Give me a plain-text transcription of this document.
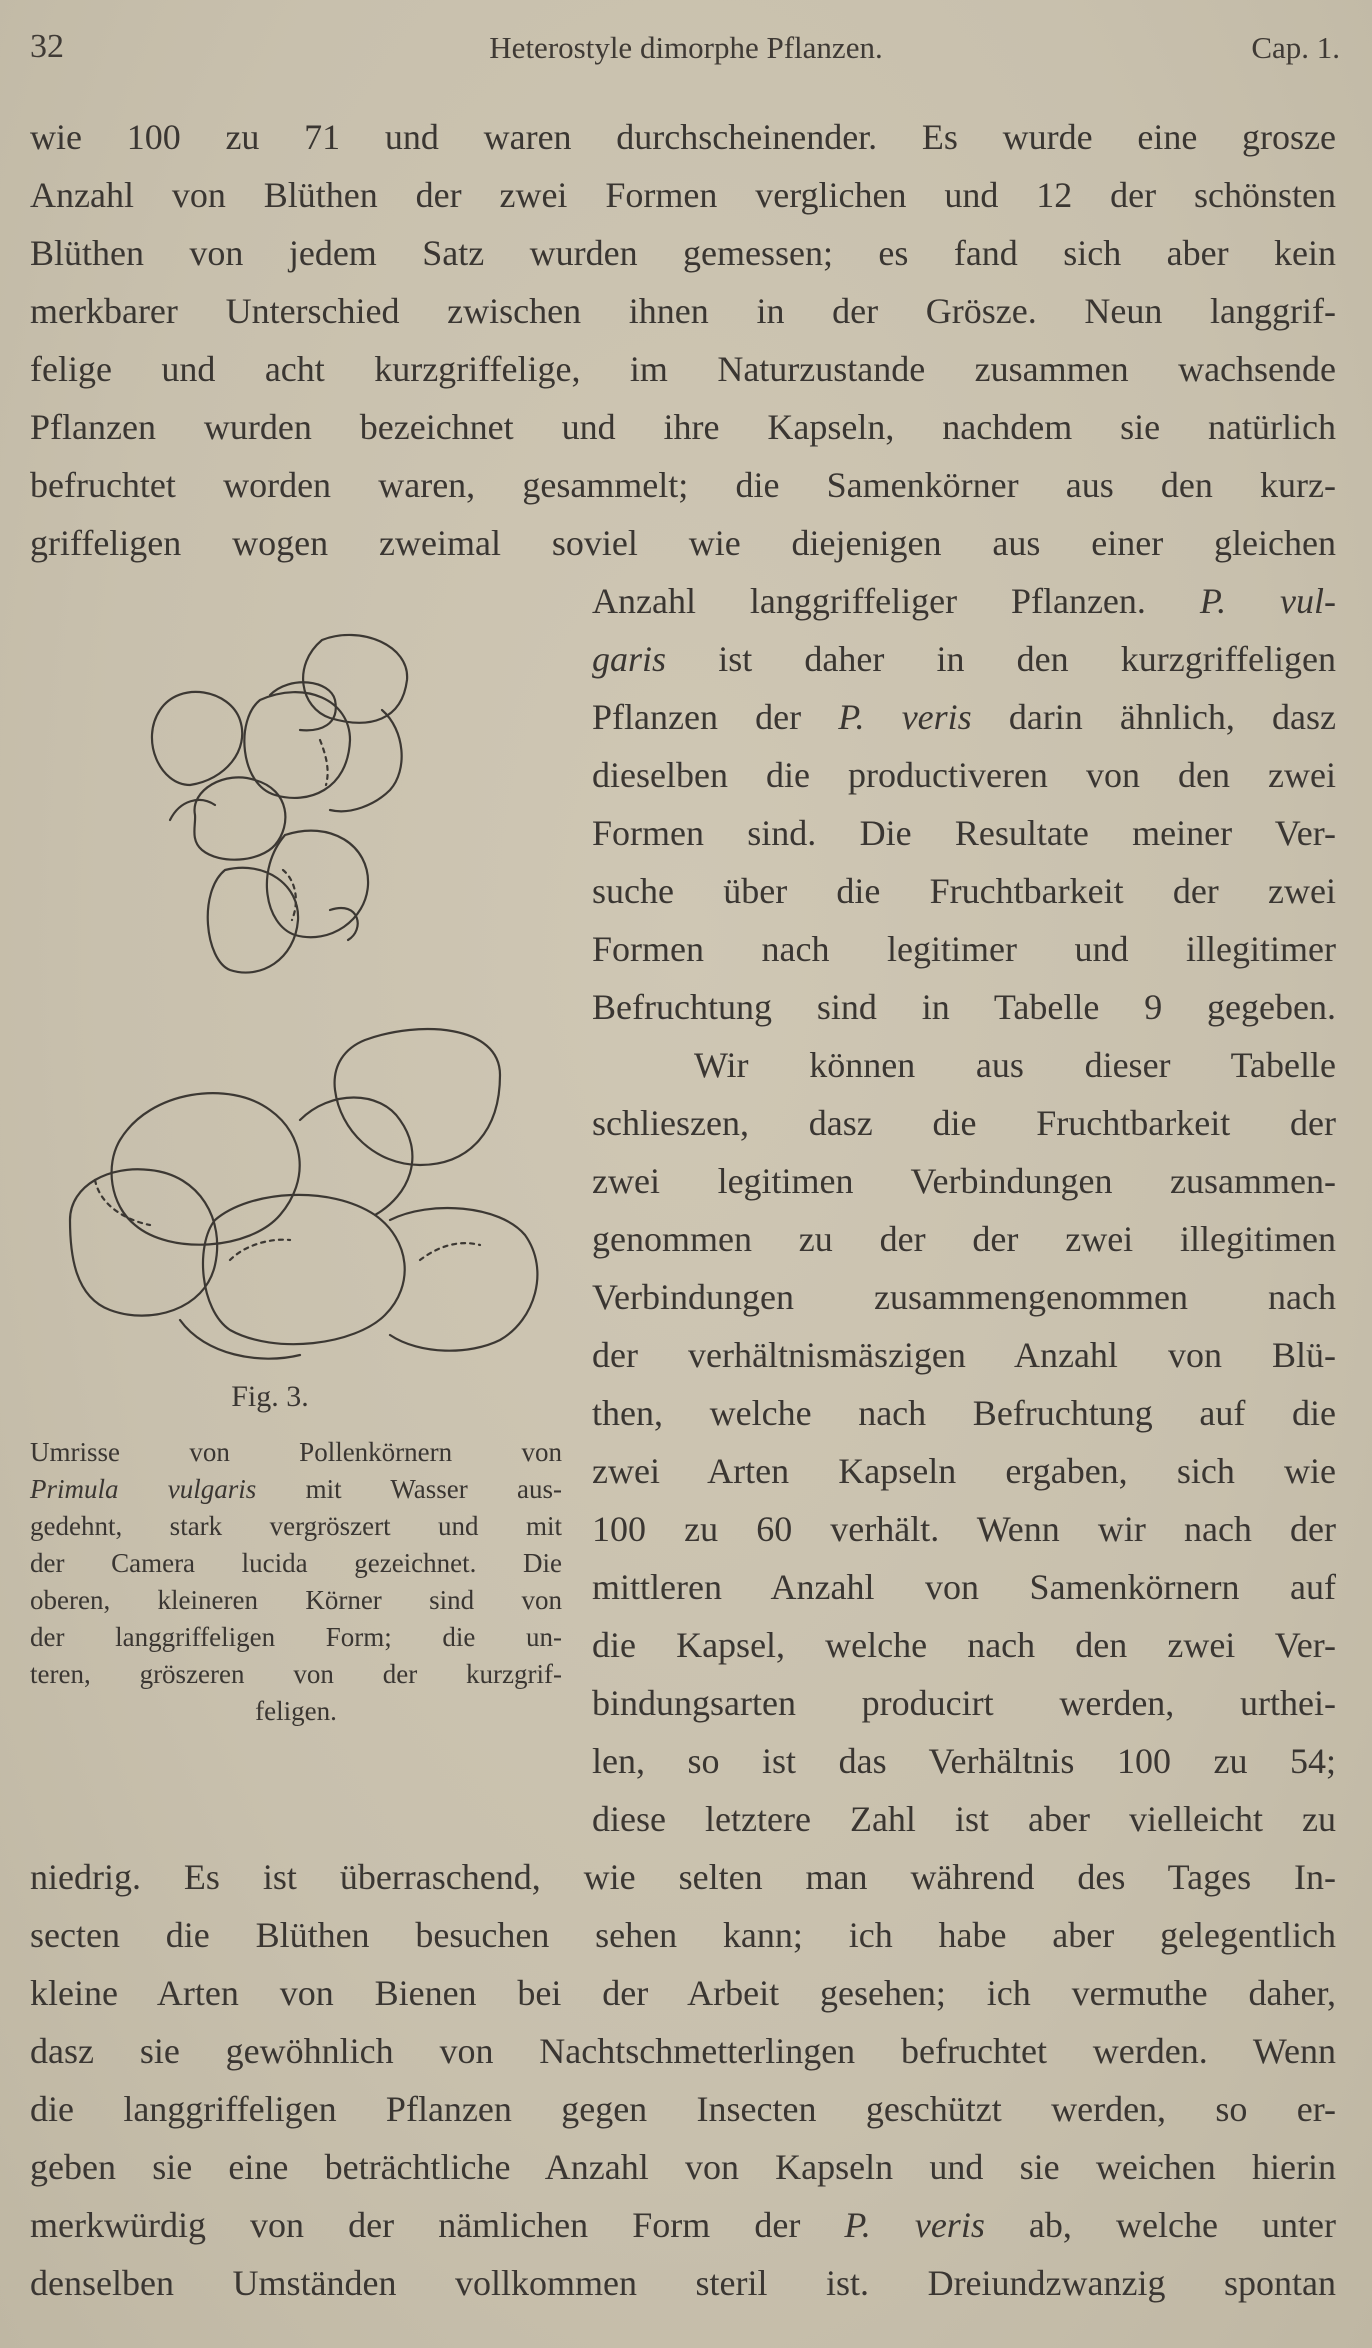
32	Heterostyle dimorphe Pflanzen.	Cap. 1.
wie 100 zu 71 und waren durchscheinender. Es wurde eine grosze
Anzahl von Blüthen der zwei Formen verglichen und 12 der schönsten
Blüthen von jedem Satz wurden gemessen; es fand sich aber kein
merkbarer Unterschied zwischen ihnen in der Grösze. Neun langgrif-
felige und acht kurzgriffelige, im Naturzustande zusammen wachsende
Pflanzen wurden bezeichnet und ihre Kapseln, nachdem sie natürlich
befruchtet worden waren, gesammelt; die Samenkörner aus den kurz-
griffeligen wogen zweimal soviel wie diejenigen aus einer gleichen
Anzahl langgriffeliger Pflanzen. P. vul-
garis ist daher in den kurzgriffeligen
Pflanzen der P. veris darin ähnlich, dasz
dieselben die productiveren von den zwei
Formen sind. Die Resultate meiner Ver-
suche über die Fruchtbarkeit der zwei
Formen nach legitimer und illegitimer
Befruchtung sind in Tabelle 9 gegeben.
Wir können aus dieser Tabelle
schlieszen, dasz die Fruchtbarkeit der
zwei legitimen Verbindungen zusammen-
genommen zu der der zwei illegitimen
Verbindungen zusammengenommen nach
der verhältnismäszigen Anzahl von Blü-
then, welche nach Befruchtung auf die
zwei Arten Kapseln ergaben, sich wie
100 zu 60 verhält. Wenn wir nach der
mittleren Anzahl von Samenkörnern auf
die Kapsel, welche nach den zwei Ver-
bindungsarten producirt werden, urthei-
len, so ist das Verhältnis 100 zu 54;
diese letztere Zahl ist aber vielleicht zu
niedrig. Es ist überraschend, wie selten man während des Tages In-
secten die Blüthen besuchen sehen kann; ich habe aber gelegentlich
kleine Arten von Bienen bei der Arbeit gesehen; ich vermuthe daher,
dasz sie gewöhnlich von Nachtschmetterlingen befruchtet werden. Wenn
die langgriffeligen Pflanzen gegen Insecten geschützt werden, so er-
geben sie eine beträchtliche Anzahl von Kapseln und sie weichen hierin
merkwürdig von der nämlichen Form der P. veris ab, welche unter
denselben Umständen vollkommen steril ist. Dreiundzwanzig spontan
Fig. 3.
Umrisse von Pollenkörnern von
Primula vulgaris mit Wasser aus-
gedehnt, stark vergröszert und mit
der Camera lucida gezeichnet. Die
oberen, kleineren Körner sind von
der langgriffeligen Form; die un-
teren, gröszeren von der kurzgrif-
feligen.
